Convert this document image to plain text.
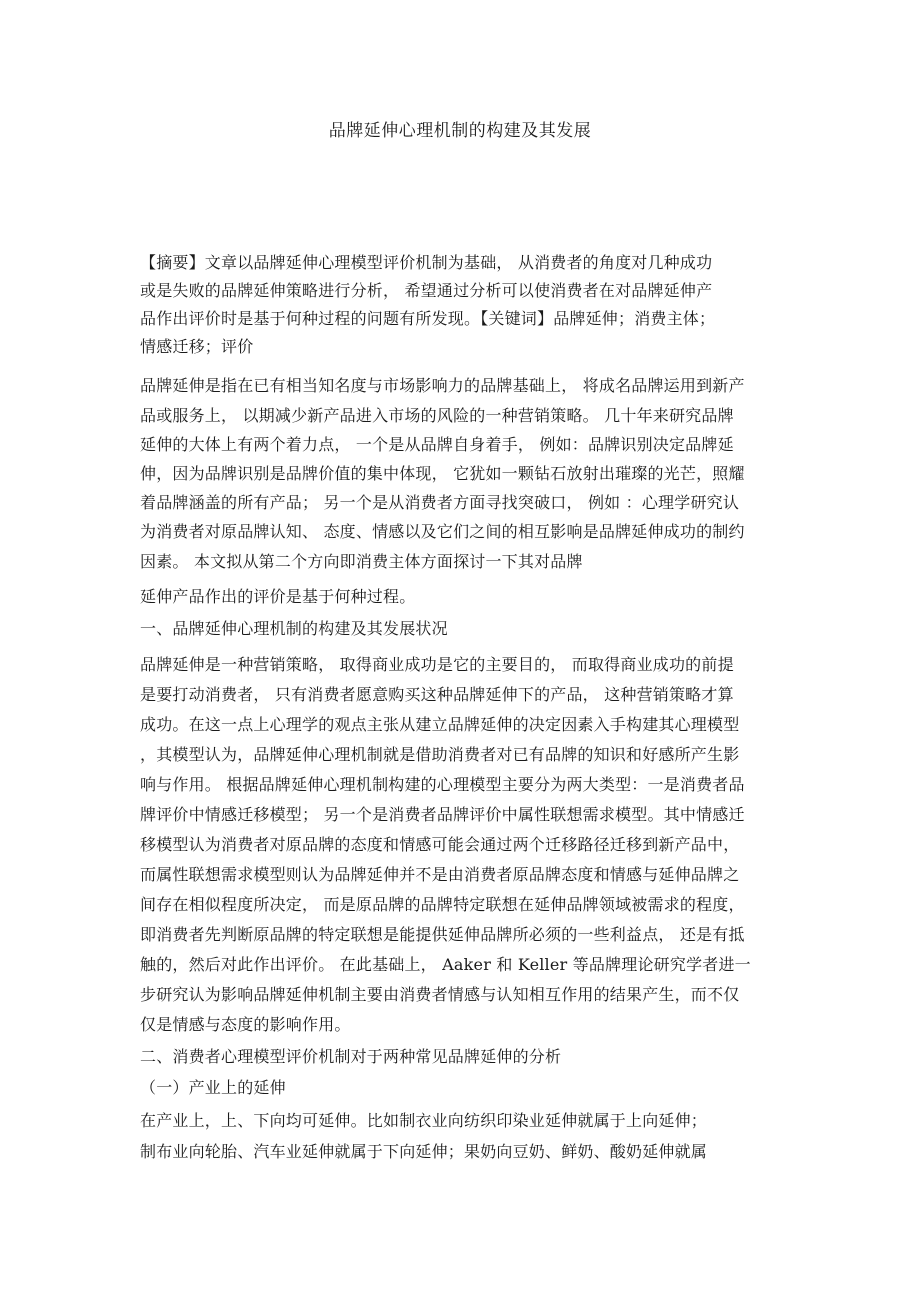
品牌延伸心理机制的构建及其发展
【摘要】文章以品牌延伸心理模型评价机制为基础， 从消费者的角度对几种成功
或是失败的品牌延伸策略进行分析， 希望通过分析可以使消费者在对品牌延伸产
品作出评价时是基于何种过程的问题有所发现。【关键词】品牌延伸；消费主体；
情感迁移；评价
品牌延伸是指在已有相当知名度与市场影响力的品牌基础上， 将成名品牌运用到新产
品或服务上， 以期减少新产品进入市场的风险的一种营销策略。 几十年来研究品牌
延伸的大体上有两个着力点， 一个是从品牌自身着手， 例如：品牌识别决定品牌延
伸，因为品牌识别是品牌价值的集中体现， 它犹如一颗钻石放射出璀璨的光芒，照耀
着品牌涵盖的所有产品； 另一个是从消费者方面寻找突破口， 例如 ：心理学研究认
为消费者对原品牌认知、 态度、情感以及它们之间的相互影响是品牌延伸成功的制约
因素。 本文拟从第二个方向即消费主体方面探讨一下其对品牌
延伸产品作出的评价是基于何种过程。
一、品牌延伸心理机制的构建及其发展状况
品牌延伸是一种营销策略， 取得商业成功是它的主要目的， 而取得商业成功的前提
是要打动消费者， 只有消费者愿意购买这种品牌延伸下的产品， 这种营销策略才算
成功。在这一点上心理学的观点主张从建立品牌延伸的决定因素入手构建其心理模型
，其模型认为，品牌延伸心理机制就是借助消费者对已有品牌的知识和好感所产生影
响与作用。 根据品牌延伸心理机制构建的心理模型主要分为两大类型：一是消费者品
牌评价中情感迁移模型； 另一个是消费者品牌评价中属性联想需求模型。其中情感迁
移模型认为消费者对原品牌的态度和情感可能会通过两个迁移路径迁移到新产品中，
而属性联想需求模型则认为品牌延伸并不是由消费者原品牌态度和情感与延伸品牌之
间存在相似程度所决定， 而是原品牌的品牌特定联想在延伸品牌领域被需求的程度，
即消费者先判断原品牌的特定联想是能提供延伸品牌所必须的一些利益点， 还是有抵
触的，然后对此作出评价。 在此基础上， Aaker 和 Keller 等品牌理论研究学者进一
步研究认为影响品牌延伸机制主要由消费者情感与认知相互作用的结果产生，而不仅
仅是情感与态度的影响作用。
二、消费者心理模型评价机制对于两种常见品牌延伸的分析
（一）产业上的延伸
在产业上，上、下向均可延伸。比如制衣业向纺织印染业延伸就属于上向延伸；
制布业向轮胎、汽车业延伸就属于下向延伸；果奶向豆奶、鲜奶、酸奶延伸就属
